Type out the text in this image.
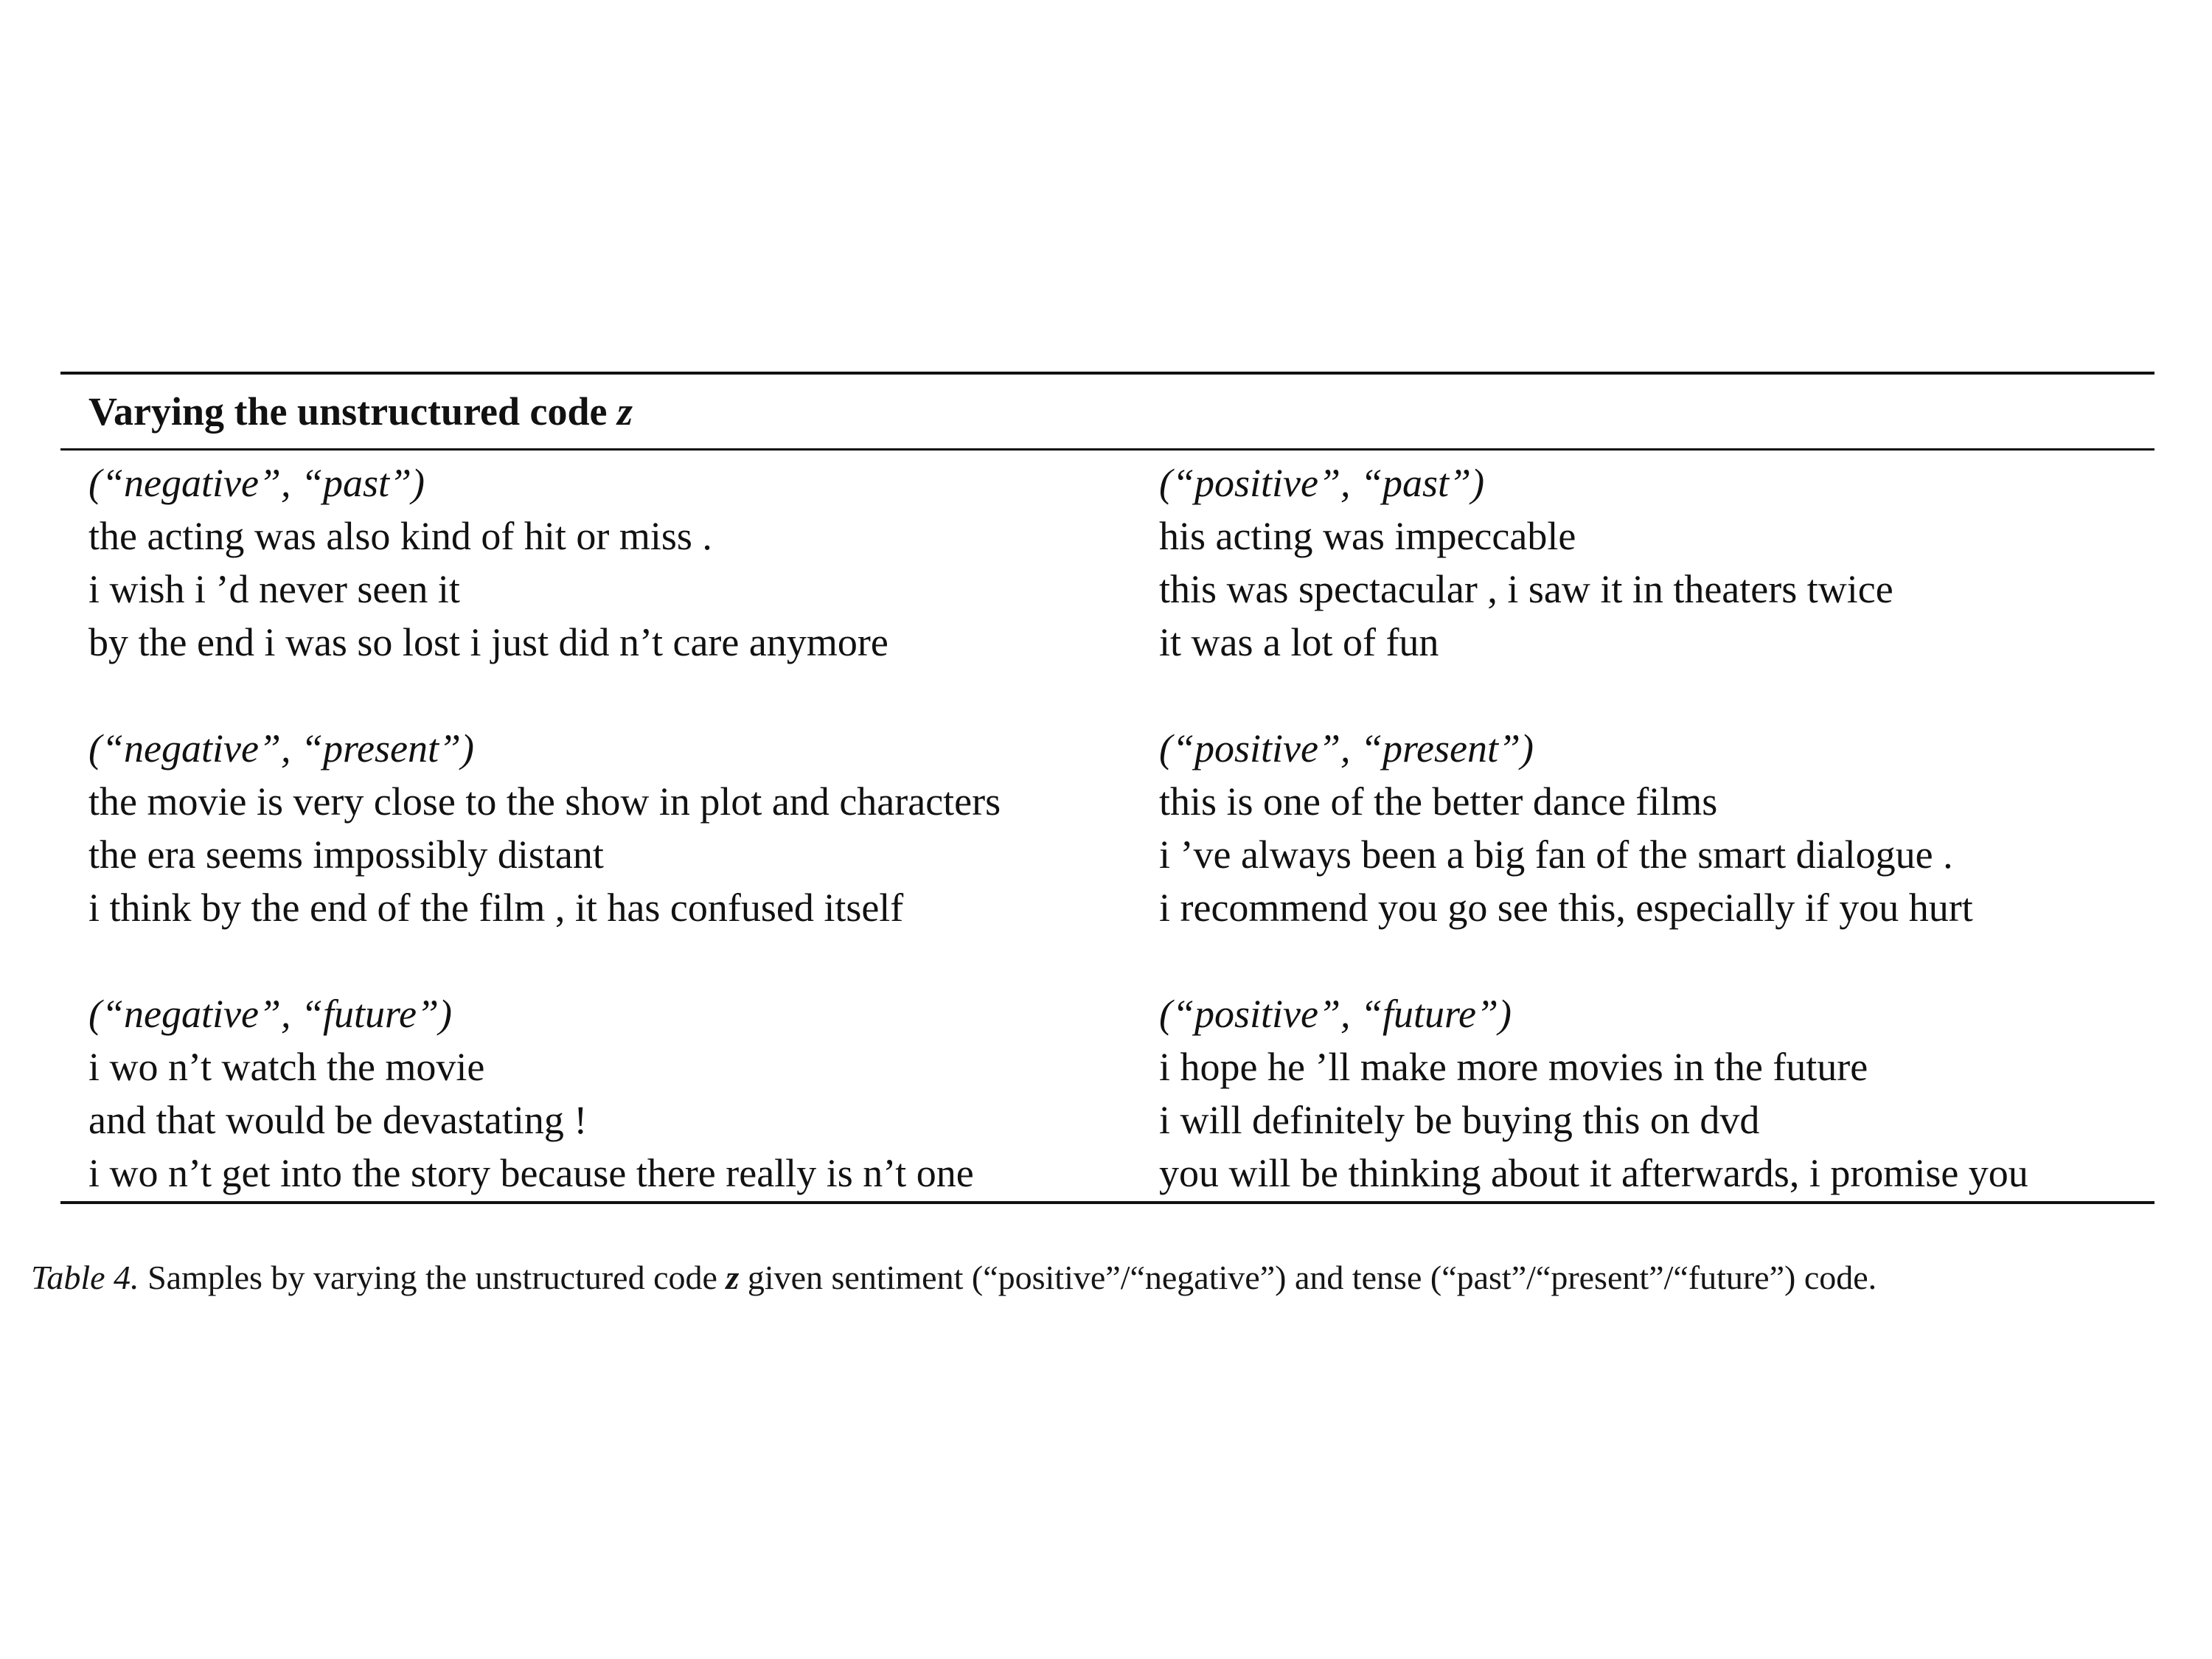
Varying the unstructured code z
(“negative”, “past”)
the acting was also kind of hit or miss .
i wish i ’d never seen it
by the end i was so lost i just did n’t care anymore
(“positive”, “past”)
his acting was impeccable
this was spectacular , i saw it in theaters twice
it was a lot of fun
(“negative”, “present”)
the movie is very close to the show in plot and characters
the era seems impossibly distant
i think by the end of the film , it has confused itself
(“positive”, “present”)
this is one of the better dance films
i ’ve always been a big fan of the smart dialogue .
i recommend you go see this, especially if you hurt
(“negative”, “future”)
i wo n’t watch the movie
and that would be devastating !
i wo n’t get into the story because there really is n’t one
(“positive”, “future”)
i hope he ’ll make more movies in the future
i will definitely be buying this on dvd
you will be thinking about it afterwards, i promise you
Table 4. Samples by varying the unstructured code z given sentiment (“positive”/“negative”) and tense (“past”/“present”/“future”) code.
